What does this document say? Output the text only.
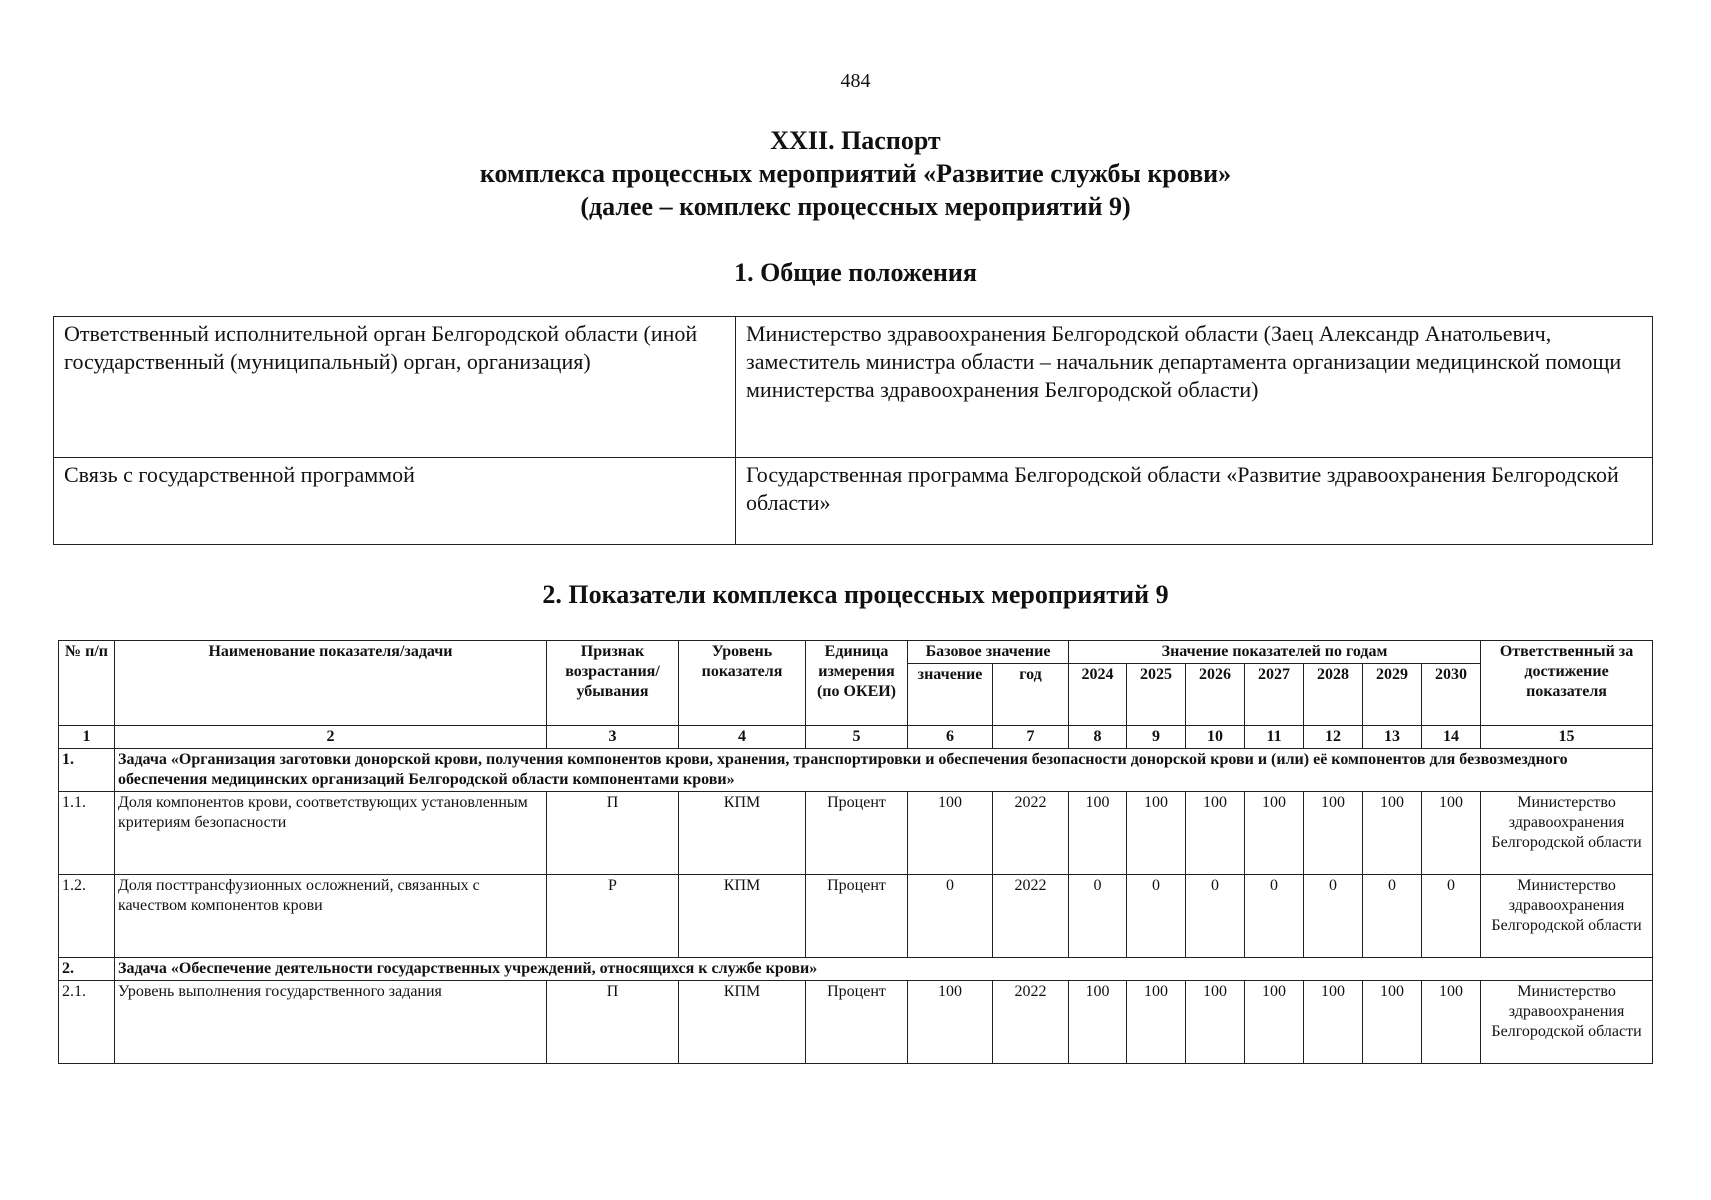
484
XXII. Паспорт
комплекса процессных мероприятий «Развитие службы крови»
(далее – комплекс процессных мероприятий 9)
1. Общие положения
Ответственный исполнительной орган Белгородской области (иной государственный (муниципальный) орган, организация)	Министерство здравоохранения Белгородской области (Заец Александр Анатольевич, заместитель министра области – начальник департамента организации медицинской помощи министерства здравоохранения Белгородской области)
Связь с государственной программой	Государственная программа Белгородской области «Развитие здравоохранения Белгородской области»
2. Показатели комплекса процессных мероприятий 9
№ п/п	Наименование показателя/задачи	Признак возрастания/ убывания	Уровень показателя	Единица измерения (по ОКЕИ)	Базовое значение		Значение показателей по годам							Ответственный за достижение показателя
					значение	год	2024	2025	2026	2027	2028	2029	2030	
1	2	3	4	5	6	7	8	9	10	11	12	13	14	15
1.	Задача «Организация заготовки донорской крови, получения компонентов крови, хранения, транспортировки и обеспечения безопасности донорской крови и (или) её компонентов для безвозмездного обеспечения медицинских организаций Белгородской области компонентами крови»													
1.1.	Доля компонентов крови, соответствующих установленным критериям безопасности	П	КПМ	Процент	100	2022	100	100	100	100	100	100	100	Министерство здравоохранения Белгородской области
1.2.	Доля посттрансфузионных осложнений, связанных с качеством компонентов крови	Р	КПМ	Процент	0	2022	0	0	0	0	0	0	0	Министерство здравоохранения Белгородской области
2.	Задача «Обеспечение деятельности государственных учреждений, относящихся к службе крови»													
2.1.	Уровень выполнения государственного задания	П	КПМ	Процент	100	2022	100	100	100	100	100	100	100	Министерство здравоохранения Белгородской области
